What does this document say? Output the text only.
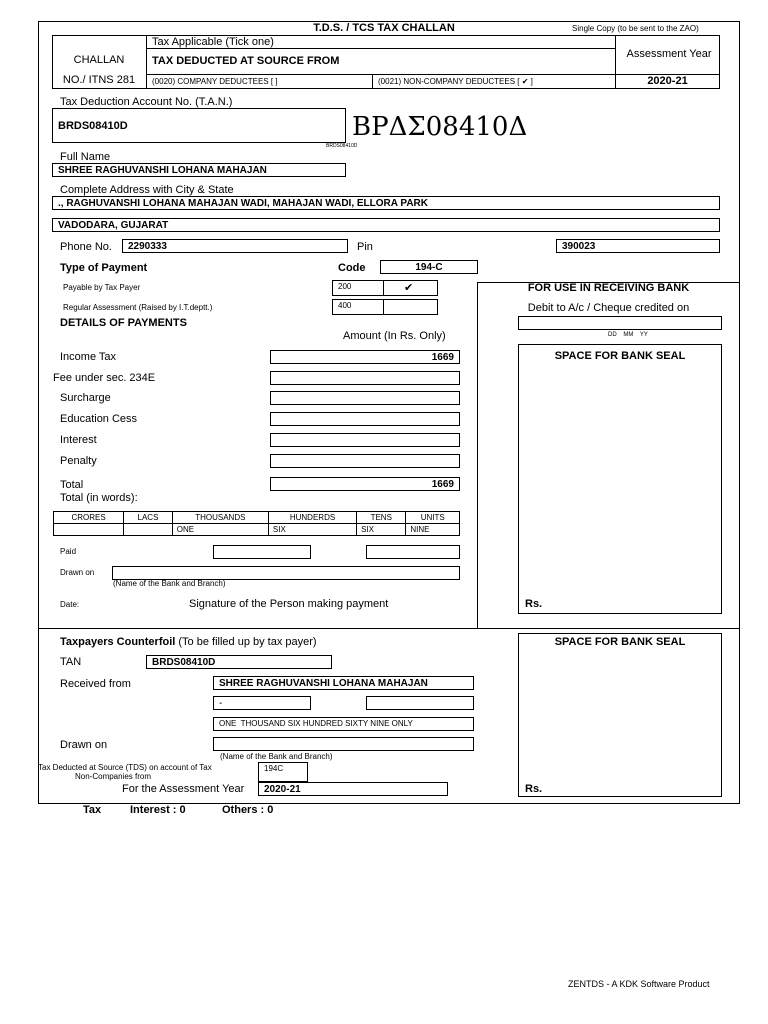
T.D.S. / TCS TAX CHALLAN	Single Copy (to be sent to the ZAO)
CHALLAN
NO./ ITNS 281
Tax Applicable (Tick one)
TAX DEDUCTED AT SOURCE FROM
(0020) COMPANY DEDUCTEES [ ]	(0021) NON-COMPANY DEDUCTEES [ ✔ ]
Assessment Year
2020-21
Tax Deduction Account No. (T.A.N.)
BRDS08410D	ΒΡΔΣ08410Δ
BRDS08410D
Full Name
SHREE RAGHUVANSHI LOHANA MAHAJAN
Complete Address with City & State
., RAGHUVANSHI LOHANA MAHAJAN WADI, MAHAJAN WADI, ELLORA PARK
VADODARA, GUJARAT
Phone No.	2290333	Pin	390023
Type of Payment	Code	194-C
Payable by Tax Payer	200	✔
Regular Assessment (Raised by I.T.deptt.)	400
FOR USE IN RECEIVING BANK
Debit to A/c / Cheque credited on
DD    MM    YY
SPACE FOR BANK SEAL
Rs.
DETAILS OF PAYMENTS
Amount (In Rs. Only)
Income Tax	1669
Fee under sec. 234E
Surcharge
Education Cess
Interest
Penalty
Total	1669
Total (in words):
CRORES	LACS	THOUSANDS	HUNDERDS	TENS	UNITS
		ONE	SIX	SIX	NINE
Paid
Drawn on
(Name of the Bank and Branch)
Date:	Signature of the Person making payment
Taxpayers Counterfoil (To be filled up by tax payer)
TAN	BRDS08410D
Received from	SHREE RAGHUVANSHI LOHANA MAHAJAN
-
ONE  THOUSAND SIX HUNDRED SIXTY NINE ONLY
Drawn on
(Name of the Bank and Branch)
Tax Deducted at Source (TDS) on account of Tax
Non-Companies from
194C
For the Assessment Year	2020-21
SPACE FOR BANK SEAL
Rs.
Tax	Interest : 0	Others : 0
ZENTDS - A KDK Software Product
